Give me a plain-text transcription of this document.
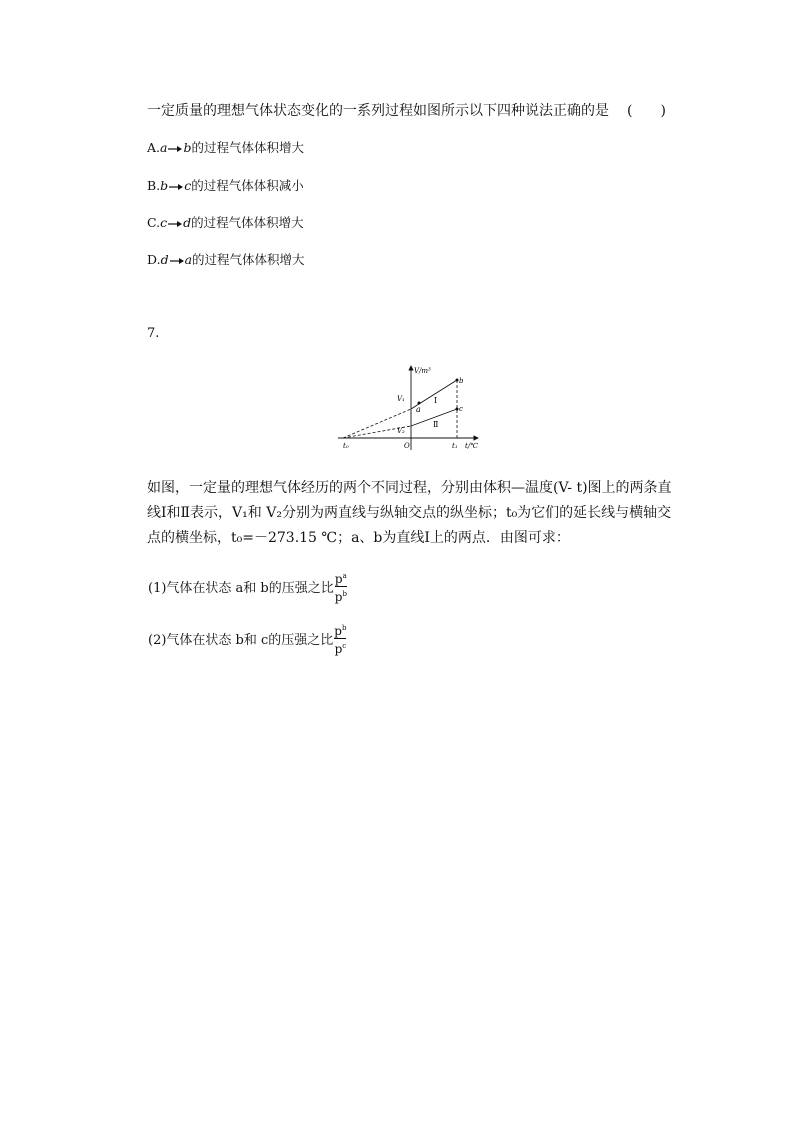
一定质量的理想气体状态变化的一系列过程如图所示以下四种说法正确的是 (　　)
A.a b的过程气体体积增大
B.b c的过程气体体积减小
C.c d的过程气体体积增大
D.d a的过程气体体积增大
7.
V/m³
t/℃
O
t₀	t₁
V₁
V₂
a
b
c
Ⅰ
Ⅱ
如图，一定量的理想气体经历的两个不同过程，分别由体积—温度(V- t)图上的两条直线Ⅰ和Ⅱ表示，V₁和 V₂分别为两直线与纵轴交点的纵坐标；t₀为它们的延长线与横轴交点的横坐标，t₀=－273.15 ℃；a、b为直线Ⅰ上的两点．由图可求：
(1)气体在状态 a和 b的压强之比 $\frac{p^a}{p^b}$
(2)气体在状态 b和 c的压强之比 $\frac{p^b}{p^c}$
